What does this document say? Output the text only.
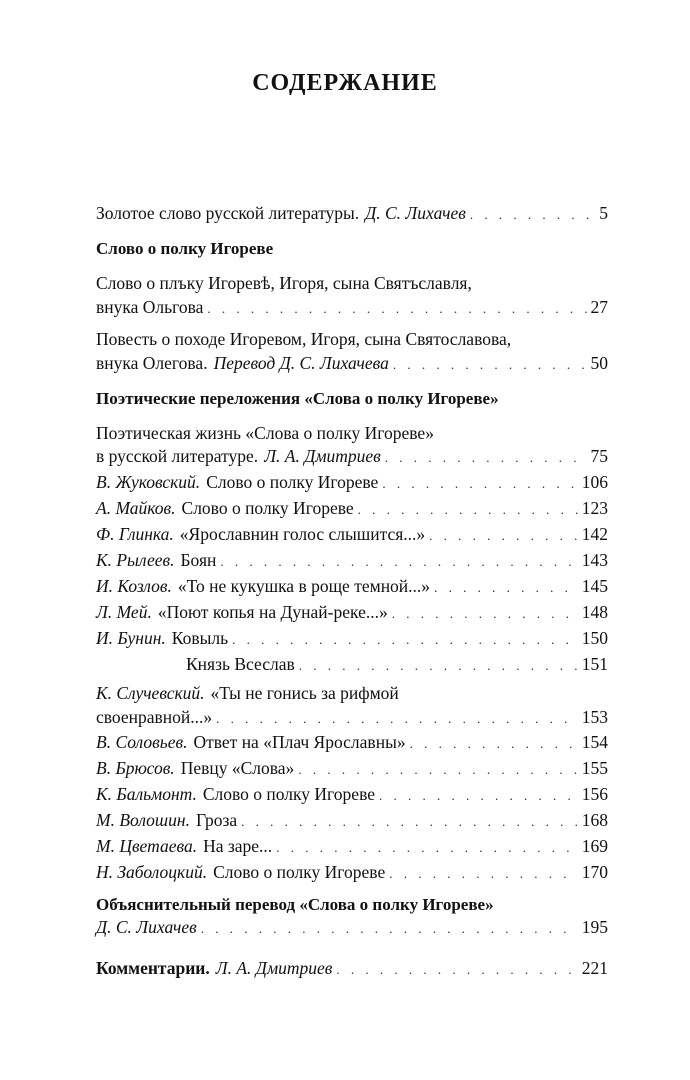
СОДЕРЖАНИЕ
Золотое слово русской литературы. Д. С. Лихачев . . .	5
Слово о полку Игореве
Слово о плъку Игоревѣ, Игоря, сына Святъславля,
внука Ольгова . . .	27
Повесть о походе Игоревом, Игоря, сына Святославова,
внука Олегова. Перевод Д. С. Лихачева . . .	50
Поэтические переложения «Слова о полку Игореве»
Поэтическая жизнь «Слова о полку Игореве»
в русской литературе. Л. А. Дмитриев . . .	75
В. Жуковский. Слово о полку Игореве . . .	106
А. Майков. Слово о полку Игореве . . .	123
Ф. Глинка. «Ярославнин голос слышится...» . . .	142
К. Рылеев. Боян . . .	143
И. Козлов. «То не кукушка в роще темной...» . . .	145
Л. Мей. «Поют копья на Дунай-реке...» . . .	148
И. Бунин. Ковыль . . .	150
Князь Всеслав . . .	151
К. Случевский. «Ты не гонись за рифмой
своенравной...» . . .	153
В. Соловьев. Ответ на «Плач Ярославны» . . .	154
В. Брюсов. Певцу «Слова» . . .	155
К. Бальмонт. Слово о полку Игореве . . .	156
М. Волошин. Гроза . . .	168
М. Цветаева. На заре... . . .	169
Н. Заболоцкий. Слово о полку Игореве . . .	170
Объяснительный перевод «Слова о полку Игореве»
Д. С. Лихачев . . .	195
Комментарии. Л. А. Дмитриев . . .	221
